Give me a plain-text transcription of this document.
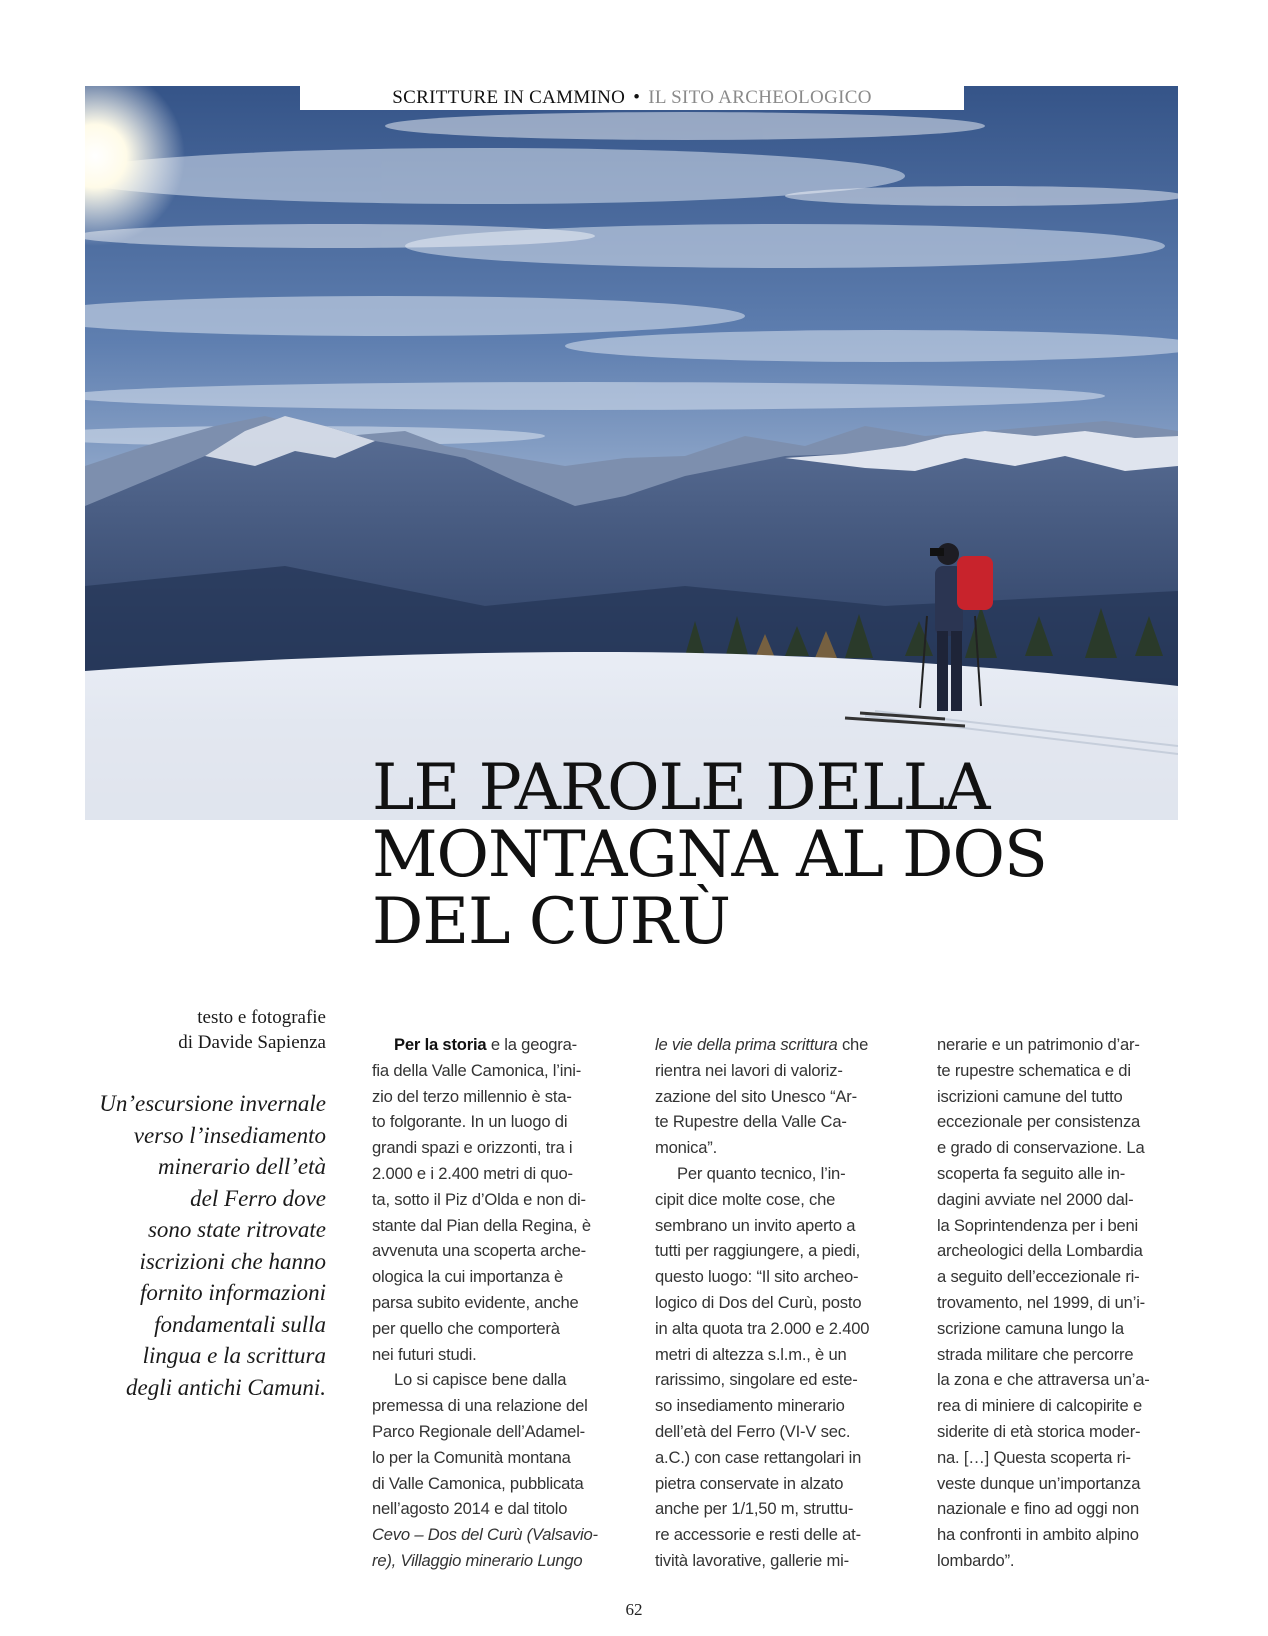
SCRITTURE IN CAMMINO • IL SITO ARCHEOLOGICO
LE PAROLE DELLA
MONTAGNA AL DOS
DEL CURÙ
testo e fotografie
di Davide Sapienza
Un’escursione invernale
verso l’insediamento
minerario dell’età
del Ferro dove
sono state ritrovate
iscrizioni che hanno
fornito informazioni
fondamentali sulla
lingua e la scrittura
degli antichi Camuni.
Per la storia e la geogra-
fia della Valle Camonica, l’ini-
zio del terzo millennio è sta-
to folgorante. In un luogo di
grandi spazi e orizzonti, tra i
2.000 e i 2.400 metri di quo-
ta, sotto il Piz d’Olda e non di-
stante dal Pian della Regina, è
avvenuta una scoperta arche-
ologica la cui importanza è
parsa subito evidente, anche
per quello che comporterà
nei futuri studi.
Lo si capisce bene dalla
premessa di una relazione del
Parco Regionale dell’Adamel-
lo per la Comunità montana
di Valle Camonica, pubblicata
nell’agosto 2014 e dal titolo
Cevo – Dos del Curù (Valsavio-
re), Villaggio minerario Lungo
le vie della prima scrittura che
rientra nei lavori di valoriz-
zazione del sito Unesco “Ar-
te Rupestre della Valle Ca-
monica”.
Per quanto tecnico, l’in-
cipit dice molte cose, che
sembrano un invito aperto a
tutti per raggiungere, a piedi,
questo luogo: “Il sito archeo-
logico di Dos del Curù, posto
in alta quota tra 2.000 e 2.400
metri di altezza s.l.m., è un
rarissimo, singolare ed este-
so insediamento minerario
dell’età del Ferro (VI-V sec.
a.C.) con case rettangolari in
pietra conservate in alzato
anche per 1/1,50 m, struttu-
re accessorie e resti delle at-
tività lavorative, gallerie mi-
nerarie e un patrimonio d’ar-
te rupestre schematica e di
iscrizioni camune del tutto
eccezionale per consistenza
e grado di conservazione. La
scoperta fa seguito alle in-
dagini avviate nel 2000 dal-
la Soprintendenza per i beni
archeologici della Lombardia
a seguito dell’eccezionale ri-
trovamento, nel 1999, di un’i-
scrizione camuna lungo la
strada militare che percorre
la zona e che attraversa un’a-
rea di miniere di calcopirite e
siderite di età storica moder-
na. […] Questa scoperta ri-
veste dunque un’importanza
nazionale e fino ad oggi non
ha confronti in ambito alpino
lombardo”.
62
